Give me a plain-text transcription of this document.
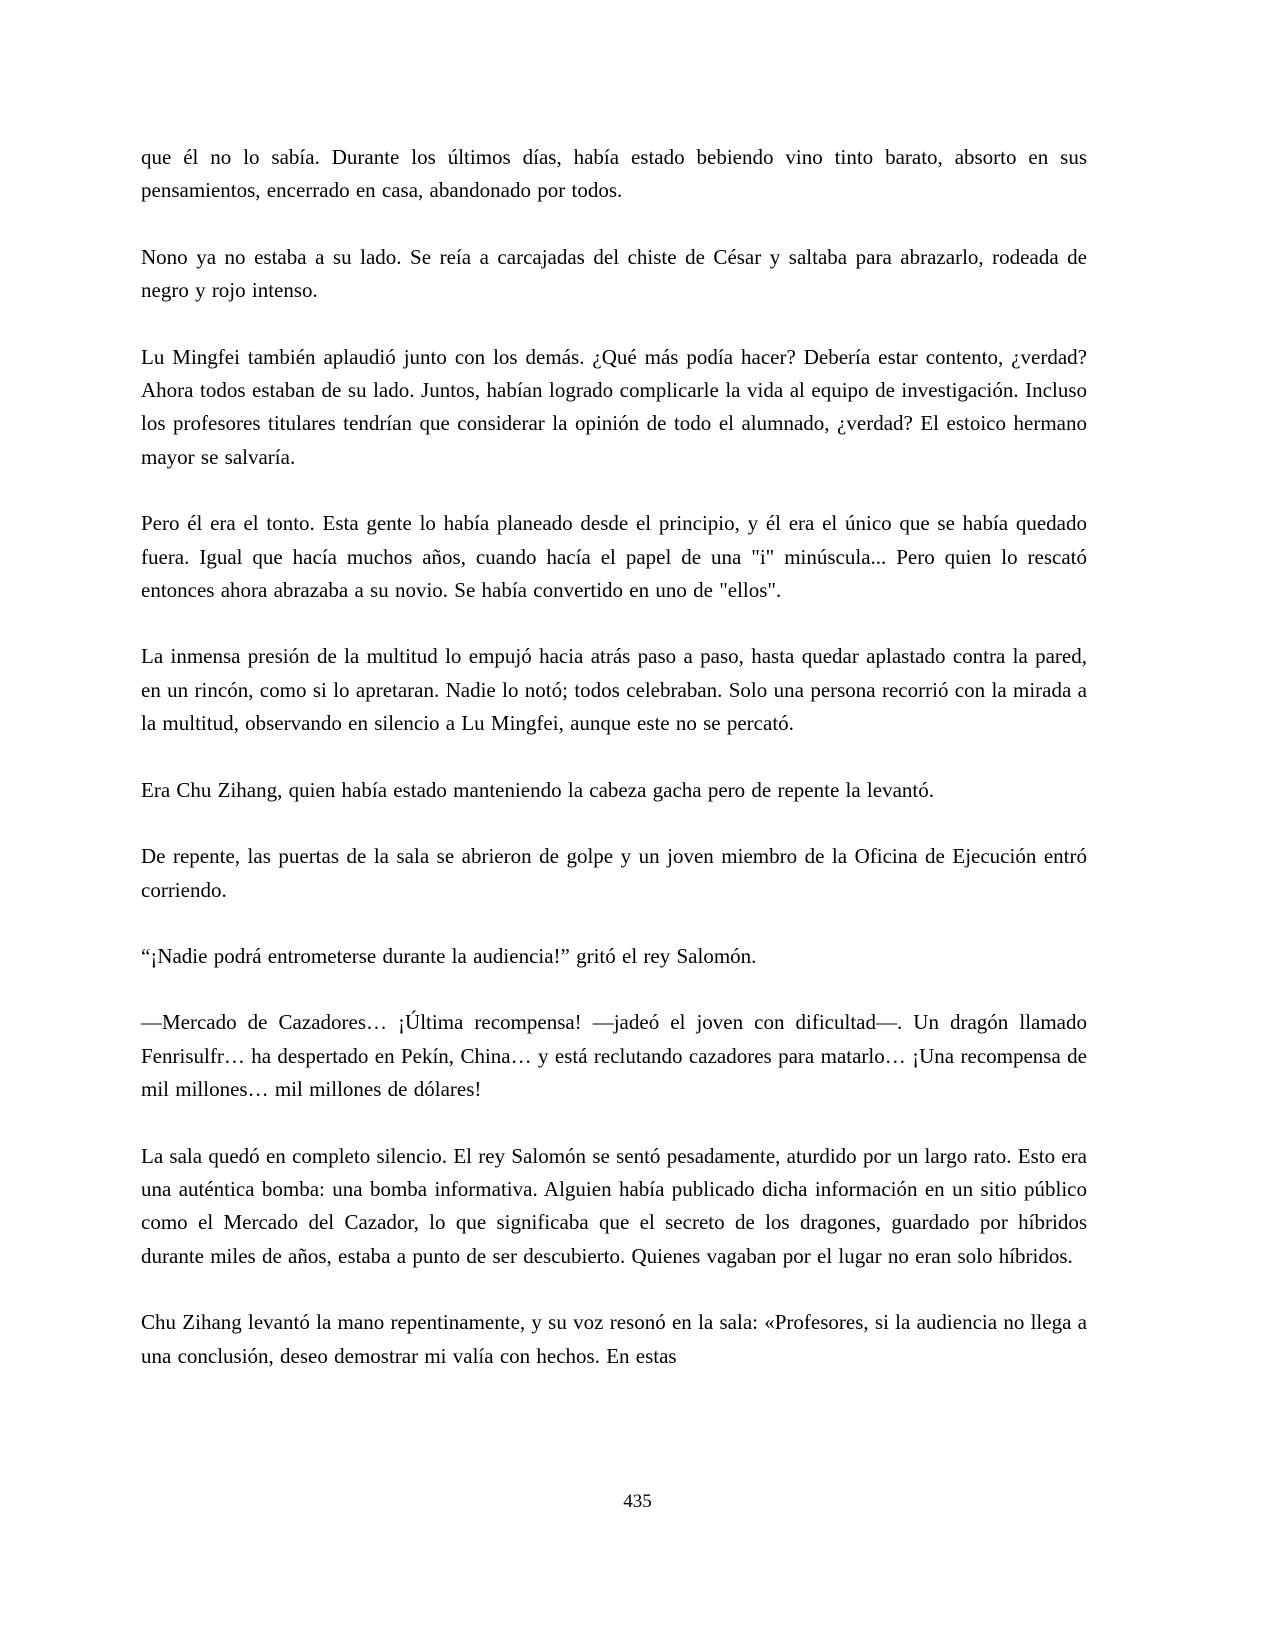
que él no lo sabía. Durante los últimos días, había estado bebiendo vino tinto barato, absorto en sus pensamientos, encerrado en casa, abandonado por todos.

Nono ya no estaba a su lado. Se reía a carcajadas del chiste de César y saltaba para abrazarlo, rodeada de negro y rojo intenso.

Lu Mingfei también aplaudió junto con los demás. ¿Qué más podía hacer? Debería estar contento, ¿verdad? Ahora todos estaban de su lado. Juntos, habían logrado complicarle la vida al equipo de investigación. Incluso los profesores titulares tendrían que considerar la opinión de todo el alumnado, ¿verdad? El estoico hermano mayor se salvaría.

Pero él era el tonto. Esta gente lo había planeado desde el principio, y él era el único que se había quedado fuera. Igual que hacía muchos años, cuando hacía el papel de una "i" minúscula... Pero quien lo rescató entonces ahora abrazaba a su novio. Se había convertido en uno de "ellos".

La inmensa presión de la multitud lo empujó hacia atrás paso a paso, hasta quedar aplastado contra la pared, en un rincón, como si lo apretaran. Nadie lo notó; todos celebraban. Solo una persona recorrió con la mirada a la multitud, observando en silencio a Lu Mingfei, aunque este no se percató.

Era Chu Zihang, quien había estado manteniendo la cabeza gacha pero de repente la levantó.

De repente, las puertas de la sala se abrieron de golpe y un joven miembro de la Oficina de Ejecución entró corriendo.

“¡Nadie podrá entrometerse durante la audiencia!” gritó el rey Salomón.

—Mercado de Cazadores… ¡Última recompensa! —jadeó el joven con dificultad—. Un dragón llamado Fenrisulfr… ha despertado en Pekín, China… y está reclutando cazadores para matarlo… ¡Una recompensa de mil millones… mil millones de dólares!

La sala quedó en completo silencio. El rey Salomón se sentó pesadamente, aturdido por un largo rato. Esto era una auténtica bomba: una bomba informativa. Alguien había publicado dicha información en un sitio público como el Mercado del Cazador, lo que significaba que el secreto de los dragones, guardado por híbridos durante miles de años, estaba a punto de ser descubierto. Quienes vagaban por el lugar no eran solo híbridos.

Chu Zihang levantó la mano repentinamente, y su voz resonó en la sala: «Profesores, si la audiencia no llega a una conclusión, deseo demostrar mi valía con hechos. En estas

435
